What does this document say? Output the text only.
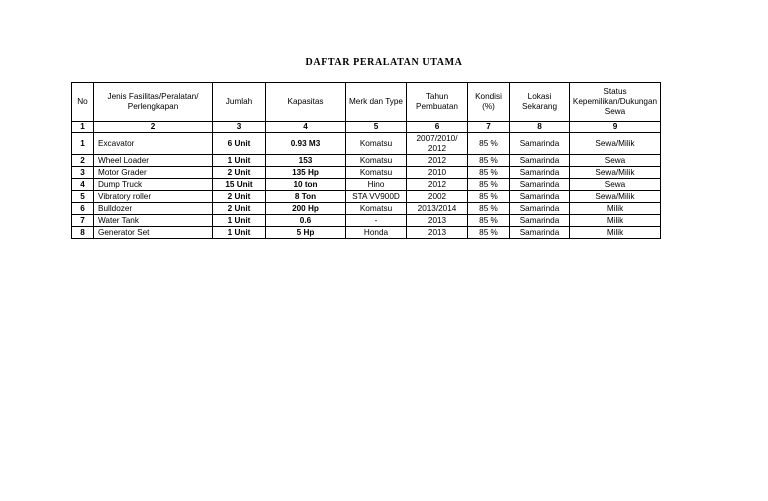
DAFTAR PERALATAN UTAMA
No	Jenis Fasilitas/Peralatan/ Perlengkapan	Jumlah	Kapasitas	Merk dan Type	Tahun Pembuatan	Kondisi (%)	Lokasi Sekarang	Status Kepemilikan/Dukungan Sewa
1	2	3	4	5	6	7	8	9
1	Excavator	6 Unit	0.93 M3	Komatsu	2007/2010/ 2012	85 %	Samarinda	Sewa/Milik
2	Wheel Loader	1 Unit	153	Komatsu	2012	85 %	Samarinda	Sewa
3	Motor Grader	2 Unit	135 Hp	Komatsu	2010	85 %	Samarinda	Sewa/Milik
4	Dump Truck	15 Unit	10 ton	Hino	2012	85 %	Samarinda	Sewa
5	Vibratory roller	2 Unit	8 Ton	STA VV900D	2002	85 %	Samarinda	Sewa/Milik
6	Bulldozer	2 Unit	200 Hp	Komatsu	2013/2014	85 %	Samarinda	Milik
7	Water Tank	1 Unit	0.6	-	2013	85 %	Samarinda	Milik
8	Generator Set	1 Unit	5 Hp	Honda	2013	85 %	Samarinda	Milik
